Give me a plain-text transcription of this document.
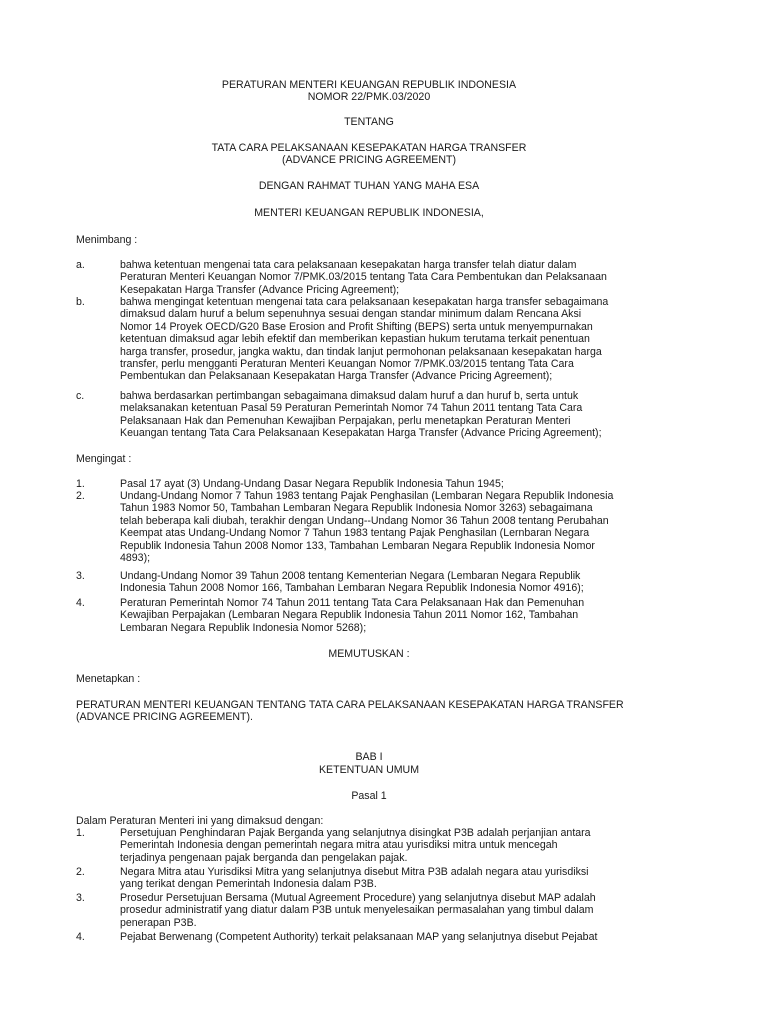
PERATURAN MENTERI KEUANGAN REPUBLIK INDONESIA
NOMOR 22/PMK.03/2020
TENTANG
TATA CARA PELAKSANAAN KESEPAKATAN HARGA TRANSFER
(ADVANCE PRICING AGREEMENT)
DENGAN RAHMAT TUHAN YANG MAHA ESA
MENTERI KEUANGAN REPUBLIK INDONESIA,
Menimbang :
a.	bahwa ketentuan mengenai tata cara pelaksanaan kesepakatan harga transfer telah diatur dalam
Peraturan Menteri Keuangan Nomor 7/PMK.03/2015 tentang Tata Cara Pembentukan dan Pelaksanaan
Kesepakatan Harga Transfer (Advance Pricing Agreement);
b.	bahwa mengingat ketentuan mengenai tata cara pelaksanaan kesepakatan harga transfer sebagaimana
dimaksud dalam huruf a belum sepenuhnya sesuai dengan standar minimum dalam Rencana Aksi
Nomor 14 Proyek OECD/G20 Base Erosion and Profit Shifting (BEPS) serta untuk menyempurnakan
ketentuan dimaksud agar lebih efektif dan memberikan kepastian hukum terutama terkait penentuan
harga transfer, prosedur, jangka waktu, dan tindak lanjut permohonan pelaksanaan kesepakatan harga
transfer, perlu mengganti Peraturan Menteri Keuangan Nomor 7/PMK.03/2015 tentang Tata Cara
Pembentukan dan Pelaksanaan Kesepakatan Harga Transfer (Advance Pricing Agreement);
c.	bahwa berdasarkan pertimbangan sebagaimana dimaksud dalam huruf a dan huruf b, serta untuk
melaksanakan ketentuan Pasal 59 Peraturan Pemerintah Nomor 74 Tahun 2011 tentang Tata Cara
Pelaksanaan Hak dan Pemenuhan Kewajiban Perpajakan, perlu menetapkan Peraturan Menteri
Keuangan tentang Tata Cara Pelaksanaan Kesepakatan Harga Transfer (Advance Pricing Agreement);
Mengingat :
1.	Pasal 17 ayat (3) Undang-Undang Dasar Negara Republik Indonesia Tahun 1945;
2.	Undang-Undang Nomor 7 Tahun 1983 tentang Pajak Penghasilan (Lembaran Negara Republik Indonesia
Tahun 1983 Nomor 50, Tambahan Lembaran Negara Republik Indonesia Nomor 3263) sebagaimana
telah beberapa kali diubah, terakhir dengan Undang--Undang Nomor 36 Tahun 2008 tentang Perubahan
Keempat atas Undang-Undang Nomor 7 Tahun 1983 tentang Pajak Penghasilan (Lernbaran Negara
Republik Indonesia Tahun 2008 Nomor 133, Tambahan Lembaran Negara Republik Indonesia Nomor
4893);
3.	Undang-Undang Nomor 39 Tahun 2008 tentang Kementerian Negara (Lembaran Negara Republik
Indonesia Tahun 2008 Nomor 166, Tambahan Lembaran Negara Republik Indonesia Nomor 4916);
4.	Peraturan Pemerintah Nomor 74 Tahun 2011 tentang Tata Cara Pelaksanaan Hak dan Pemenuhan
Kewajiban Perpajakan (Lembaran Negara Republik Indonesia Tahun 2011 Nomor 162, Tambahan
Lembaran Negara Republik Indonesia Nomor 5268);
MEMUTUSKAN :
Menetapkan :
PERATURAN MENTERI KEUANGAN TENTANG TATA CARA PELAKSANAAN KESEPAKATAN HARGA TRANSFER
(ADVANCE PRICING AGREEMENT).
BAB I
KETENTUAN UMUM
Pasal 1
Dalam Peraturan Menteri ini yang dimaksud dengan:
1.	Persetujuan Penghindaran Pajak Berganda yang selanjutnya disingkat P3B adalah perjanjian antara
Pemerintah Indonesia dengan pemerintah negara mitra atau yurisdiksi mitra untuk mencegah
terjadinya pengenaan pajak berganda dan pengelakan pajak.
2.	Negara Mitra atau Yurisdiksi Mitra yang selanjutnya disebut Mitra P3B adalah negara atau yurisdiksi
yang terikat dengan Pemerintah Indonesia dalam P3B.
3.	Prosedur Persetujuan Bersama (Mutual Agreement Procedure) yang selanjutnya disebut MAP adalah
prosedur administratif yang diatur dalam P3B untuk menyelesaikan permasalahan yang timbul dalam
penerapan P3B.
4.	Pejabat Berwenang (Competent Authority) terkait pelaksanaan MAP yang selanjutnya disebut Pejabat
